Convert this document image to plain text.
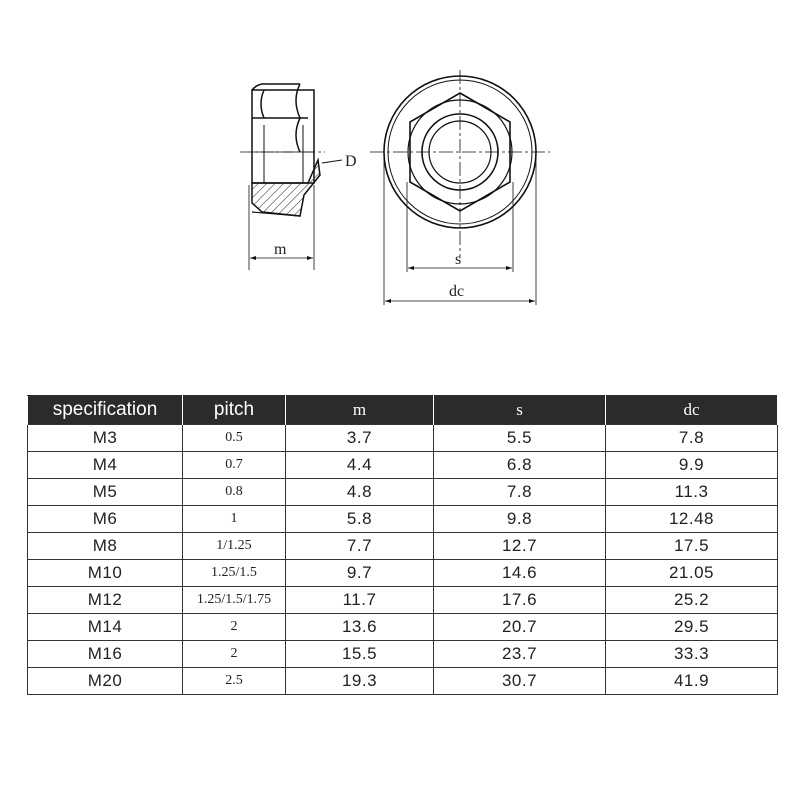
D
m
s
dc
specification	pitch	m	s	dc
M3	0.5	3.7	5.5	7.8
M4	0.7	4.4	6.8	9.9
M5	0.8	4.8	7.8	11.3
M6	1	5.8	9.8	12.48
M8	1/1.25	7.7	12.7	17.5
M10	1.25/1.5	9.7	14.6	21.05
M12	1.25/1.5/1.75	11.7	17.6	25.2
M14	2	13.6	20.7	29.5
M16	2	15.5	23.7	33.3
M20	2.5	19.3	30.7	41.9
